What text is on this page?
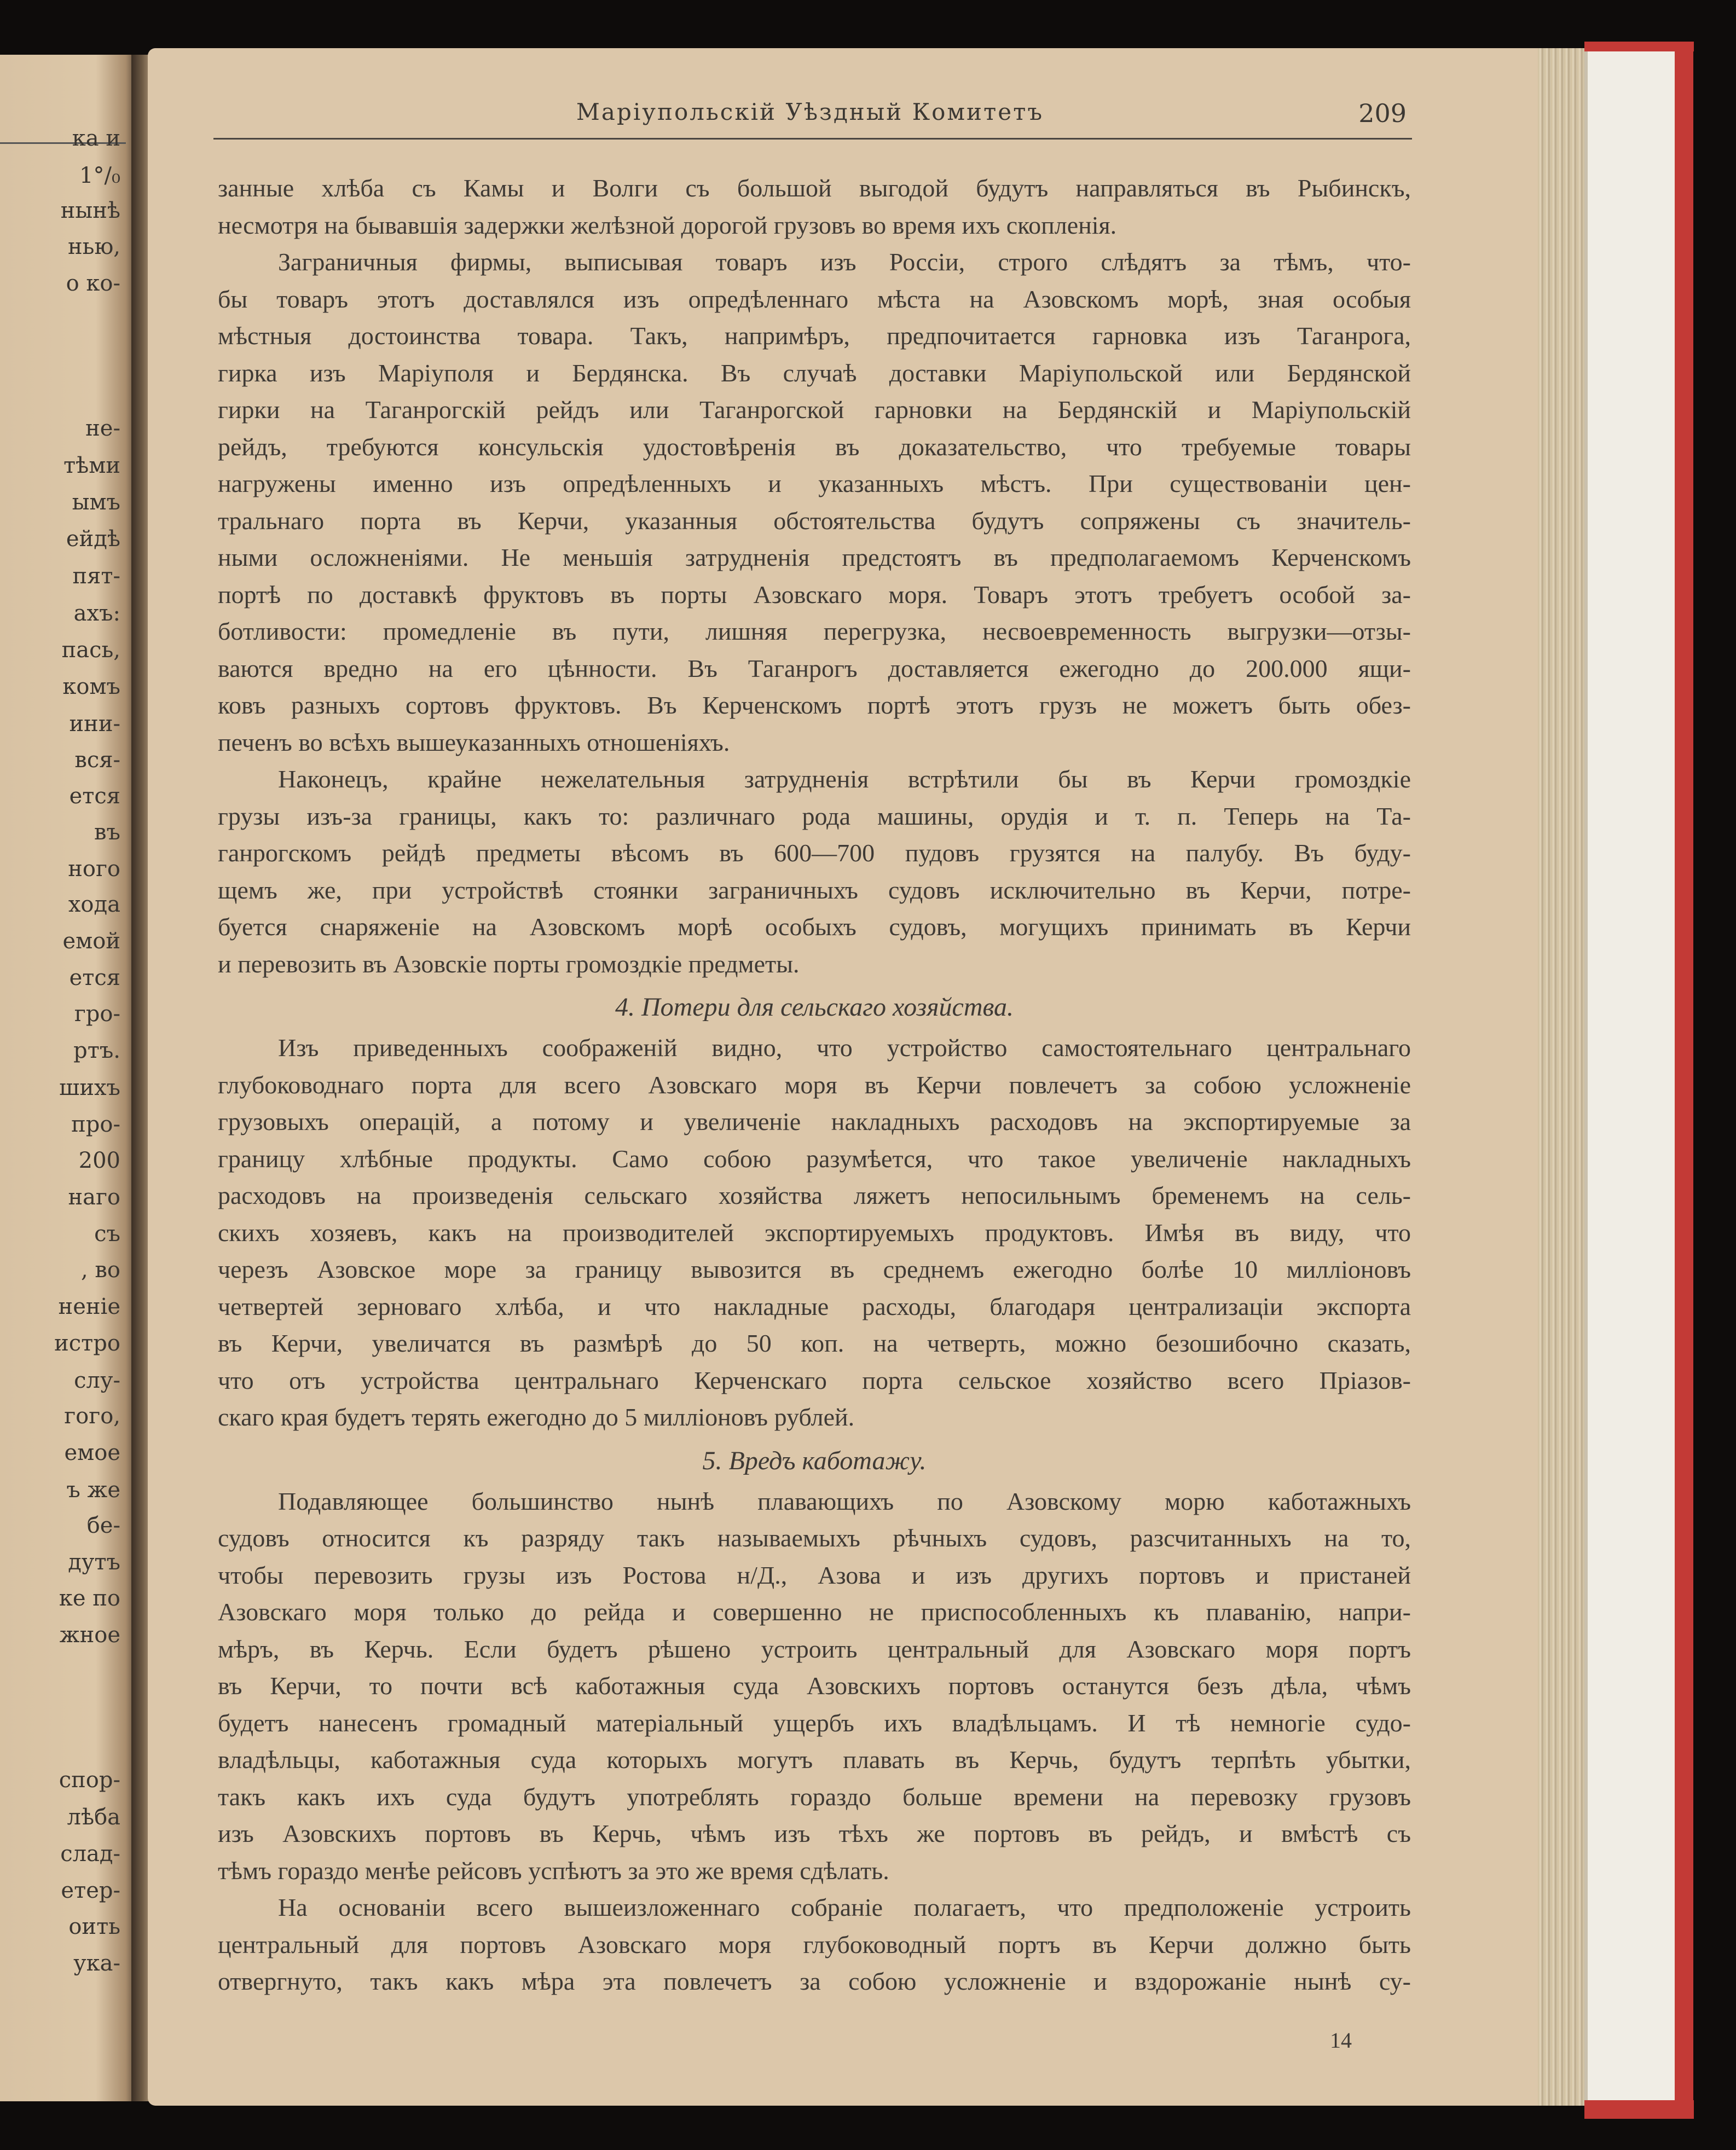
ка и
1°/₀
нынѣ
нью,
о ко-
не-
тѣми
ымъ
ейдѣ
пят-
ахъ:
пась,
комъ
ини-
вся-
ется
въ
ного
хода
емой
ется
гро-
ртъ.
шихъ
про-
200
наго
съ
, во
неніе
истро
слу-
гого,
емое
ъ же
бе-
дутъ
ке по
жное
спор-
лѣба
слад-
етер-
оить
ука-
Маріупольскій Уѣздный Комитетъ	209
занные хлѣба съ Камы и Волги съ большой выгодой будутъ направляться въ Рыбинскъ,
несмотря на бывавшія задержки желѣзной дорогой грузовъ во время ихъ скопленія.
Заграничныя фирмы, выписывая товаръ изъ Россіи, строго слѣдятъ за тѣмъ, что-
бы товаръ этотъ доставлялся изъ опредѣленнаго мѣста на Азовскомъ морѣ, зная особыя
мѣстныя достоинства товара. Такъ, напримѣръ, предпочитается гарновка изъ Таганрога,
гирка изъ Маріуполя и Бердянска. Въ случаѣ доставки Маріупольской или Бердянской
гирки на Таганрогскій рейдъ или Таганрогской гарновки на Бердянскій и Маріупольскій
рейдъ, требуются консульскія удостовѣренія въ доказательство, что требуемые товары
нагружены именно изъ опредѣленныхъ и указанныхъ мѣстъ. При существованіи цен-
тральнаго порта въ Керчи, указанныя обстоятельства будутъ сопряжены съ значитель-
ными осложненіями. Не меньшія затрудненія предстоятъ въ предполагаемомъ Керченскомъ
портѣ по доставкѣ фруктовъ въ порты Азовскаго моря. Товаръ этотъ требуетъ особой за-
ботливости: промедленіе въ пути, лишняя перегрузка, несвоевременность выгрузки—отзы-
ваются вредно на его цѣнности. Въ Таганрогъ доставляется ежегодно до 200.000 ящи-
ковъ разныхъ сортовъ фруктовъ. Въ Керченскомъ портѣ этотъ грузъ не можетъ быть обез-
печенъ во всѣхъ вышеуказанныхъ отношеніяхъ.
Наконецъ, крайне нежелательныя затрудненія встрѣтили бы въ Керчи громоздкіе
грузы изъ-за границы, какъ то: различнаго рода машины, орудія и т. п. Теперь на Та-
ганрогскомъ рейдѣ предметы вѣсомъ въ 600—700 пудовъ грузятся на палубу. Въ буду-
щемъ же, при устройствѣ стоянки заграничныхъ судовъ исключительно въ Керчи, потре-
буется снаряженіе на Азовскомъ морѣ особыхъ судовъ, могущихъ принимать въ Керчи
и перевозить въ Азовскіе порты громоздкіе предметы.
4. Потери для сельскаго хозяйства.
Изъ приведенныхъ соображеній видно, что устройство самостоятельнаго центральнаго
глубоководнаго порта для всего Азовскаго моря въ Керчи повлечетъ за собою усложненіе
грузовыхъ операцій, а потому и увеличеніе накладныхъ расходовъ на экспортируемые за
границу хлѣбные продукты. Само собою разумѣется, что такое увеличеніе накладныхъ
расходовъ на произведенія сельскаго хозяйства ляжетъ непосильнымъ бременемъ на сель-
скихъ хозяевъ, какъ на производителей экспортируемыхъ продуктовъ. Имѣя въ виду, что
черезъ Азовское море за границу вывозится въ среднемъ ежегодно болѣе 10 милліоновъ
четвертей зерноваго хлѣба, и что накладные расходы, благодаря централизаціи экспорта
въ Керчи, увеличатся въ размѣрѣ до 50 коп. на четверть, можно безошибочно сказать,
что отъ устройства центральнаго Керченскаго порта сельское хозяйство всего Пріазов-
скаго края будетъ терять ежегодно до 5 милліоновъ рублей.
5. Вредъ каботажу.
Подавляющее большинство нынѣ плавающихъ по Азовскому морю каботажныхъ
судовъ относится къ разряду такъ называемыхъ рѣчныхъ судовъ, разсчитанныхъ на то,
чтобы перевозить грузы изъ Ростова н/Д., Азова и изъ другихъ портовъ и пристаней
Азовскаго моря только до рейда и совершенно не приспособленныхъ къ плаванію, напри-
мѣръ, въ Керчь. Если будетъ рѣшено устроить центральный для Азовскаго моря портъ
въ Керчи, то почти всѣ каботажныя суда Азовскихъ портовъ останутся безъ дѣла, чѣмъ
будетъ нанесенъ громадный матеріальный ущербъ ихъ владѣльцамъ. И тѣ немногіе судо-
владѣльцы, каботажныя суда которыхъ могутъ плавать въ Керчь, будутъ терпѣть убытки,
такъ какъ ихъ суда будутъ употреблять гораздо больше времени на перевозку грузовъ
изъ Азовскихъ портовъ въ Керчь, чѣмъ изъ тѣхъ же портовъ въ рейдъ, и вмѣстѣ съ
тѣмъ гораздо менѣе рейсовъ успѣютъ за это же время сдѣлать.
На основаніи всего вышеизложеннаго собраніе полагаетъ, что предположеніе устроить
центральный для портовъ Азовскаго моря глубоководный портъ въ Керчи должно быть
отвергнуто, такъ какъ мѣра эта повлечетъ за собою усложненіе и вздорожаніе нынѣ су-
14
